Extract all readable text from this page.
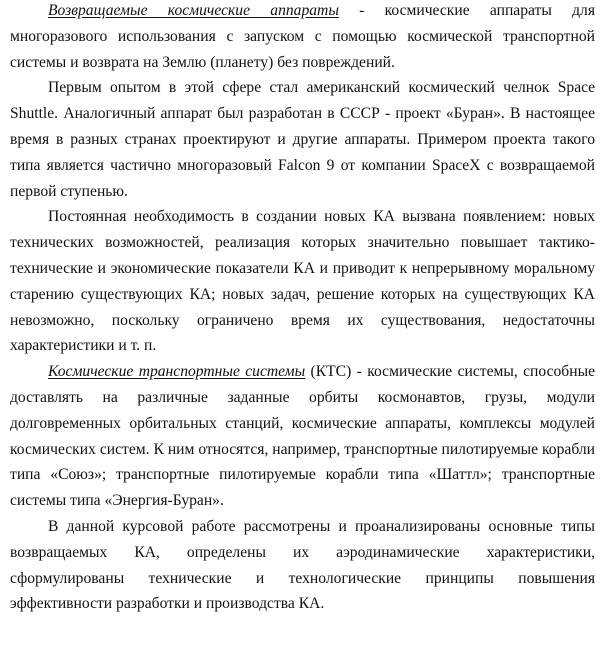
Возвращаемые космические аппараты - космические аппараты для многоразового использования с запуском с помощью космической транспортной системы и возврата на Землю (планету) без повреждений.

Первым опытом в этой сфере стал американский космический челнок Space Shuttle. Аналогичный аппарат был разработан в СССР - проект «Буран». В настоящее время в разных странах проектируют и другие аппараты. Примером проекта такого типа является частично многоразовый Falcon 9 от компании SpaceX с возвращаемой первой ступенью.

Постоянная необходимость в создании новых КА вызвана появлением: новых технических возможностей, реализация которых значительно повышает тактико-технические и экономические показатели КА и приводит к непрерывному моральному старению существующих КА; новых задач, решение которых на существующих КА невозможно, поскольку ограничено время их существования, недостаточны характеристики и т. п.

Космические транспортные системы (КТС) - космические системы, способные доставлять на различные заданные орбиты космонавтов, грузы, модули долговременных орбитальных станций, космические аппараты, комплексы модулей космических систем. К ним относятся, например, транспортные пилотируемые корабли типа «Союз»; транспортные пилотируемые корабли типа «Шаттл»; транспортные системы типа «Энергия-Буран».

В данной курсовой работе рассмотрены и проанализированы основные типы возвращаемых КА, определены их аэродинамические характеристики, сформулированы технические и технологические принципы повышения эффективности разработки и производства КА.
